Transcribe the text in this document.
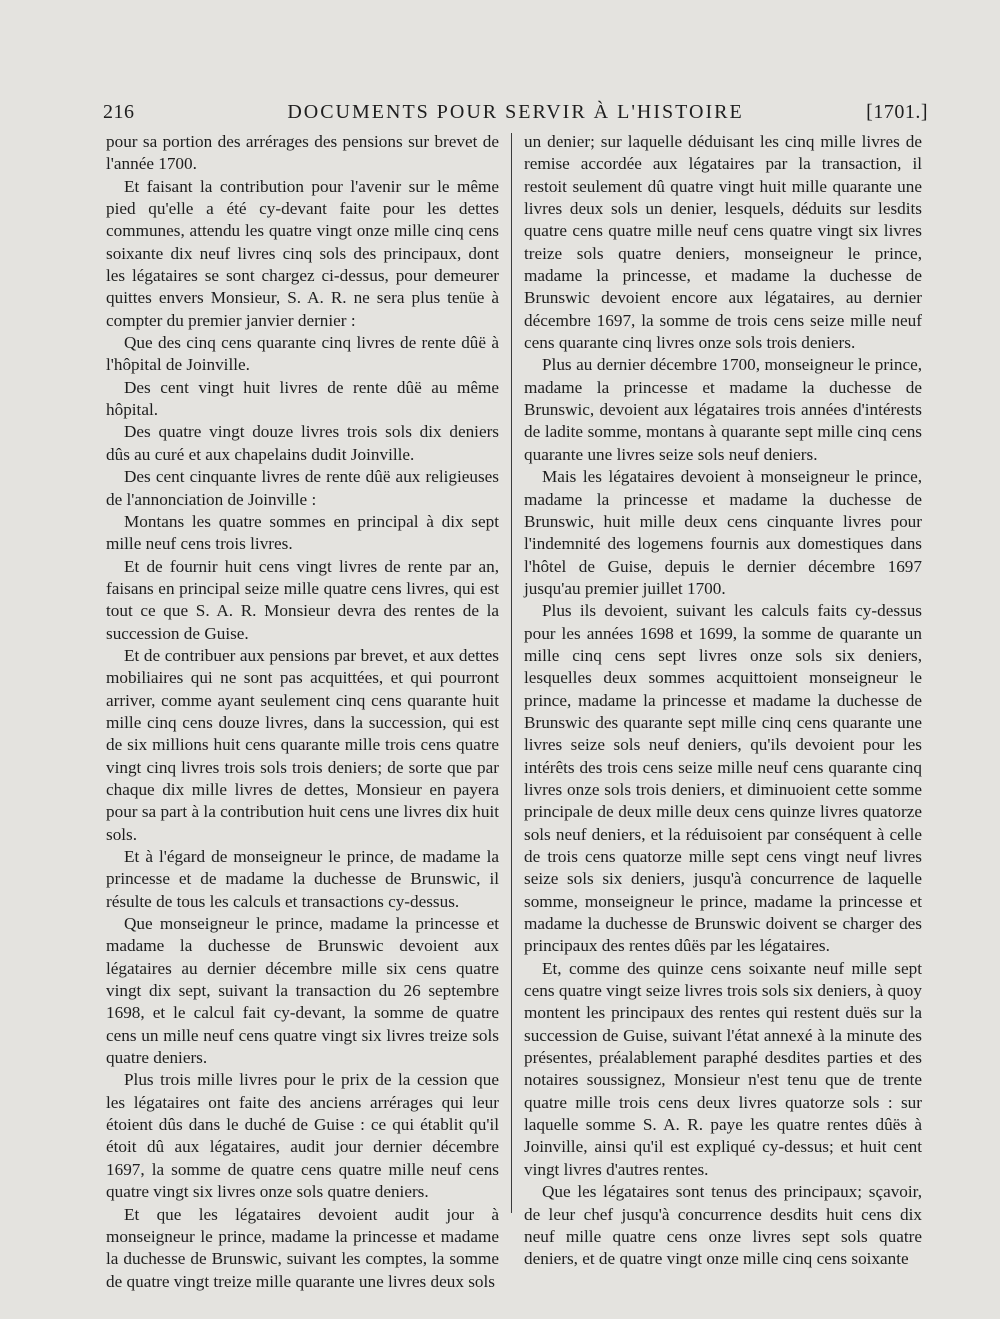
216	DOCUMENTS POUR SERVIR À L'HISTOIRE	[1701.]

pour sa portion des arrérages des pensions sur brevet de l'année 1700.

Et faisant la contribution pour l'avenir sur le même pied qu'elle a été cy-devant faite pour les dettes communes, attendu les quatre vingt onze mille cinq cens soixante dix neuf livres cinq sols des principaux, dont les légataires se sont chargez ci-dessus, pour demeurer quittes envers Monsieur, S. A. R. ne sera plus tenüe à compter du premier janvier dernier :

Que des cinq cens quarante cinq livres de rente dûë à l'hôpital de Joinville.

Des cent vingt huit livres de rente dûë au même hôpital.

Des quatre vingt douze livres trois sols dix deniers dûs au curé et aux chapelains dudit Joinville.

Des cent cinquante livres de rente dûë aux religieuses de l'annonciation de Joinville :

Montans les quatre sommes en principal à dix sept mille neuf cens trois livres.

Et de fournir huit cens vingt livres de rente par an, faisans en principal seize mille quatre cens livres, qui est tout ce que S. A. R. Monsieur devra des rentes de la succession de Guise.

Et de contribuer aux pensions par brevet, et aux dettes mobiliaires qui ne sont pas acquittées, et qui pourront arriver, comme ayant seulement cinq cens quarante huit mille cinq cens douze livres, dans la succession, qui est de six millions huit cens quarante mille trois cens quatre vingt cinq livres trois sols trois deniers; de sorte que par chaque dix mille livres de dettes, Monsieur en payera pour sa part à la contribution huit cens une livres dix huit sols.

Et à l'égard de monseigneur le prince, de madame la princesse et de madame la duchesse de Brunswic, il résulte de tous les calculs et transactions cy-dessus.

Que monseigneur le prince, madame la princesse et madame la duchesse de Brunswic devoient aux légataires au dernier décembre mille six cens quatre vingt dix sept, suivant la transaction du 26 septembre 1698, et le calcul fait cy-devant, la somme de quatre cens un mille neuf cens quatre vingt six livres treize sols quatre deniers.

Plus trois mille livres pour le prix de la cession que les légataires ont faite des anciens arrérages qui leur étoient dûs dans le duché de Guise : ce qui établit qu'il étoit dû aux légataires, audit jour dernier décembre 1697, la somme de quatre cens quatre mille neuf cens quatre vingt six livres onze sols quatre deniers.

Et que les légataires devoient audit jour à monseigneur le prince, madame la princesse et madame la duchesse de Brunswic, suivant les comptes, la somme de quatre vingt treize mille quarante une livres deux sols

un denier; sur laquelle déduisant les cinq mille livres de remise accordée aux légataires par la transaction, il restoit seulement dû quatre vingt huit mille quarante une livres deux sols un denier, lesquels, déduits sur lesdits quatre cens quatre mille neuf cens quatre vingt six livres treize sols quatre deniers, monseigneur le prince, madame la princesse, et madame la duchesse de Brunswic devoient encore aux légataires, au dernier décembre 1697, la somme de trois cens seize mille neuf cens quarante cinq livres onze sols trois deniers.

Plus au dernier décembre 1700, monseigneur le prince, madame la princesse et madame la duchesse de Brunswic, devoient aux légataires trois années d'intérests de ladite somme, montans à quarante sept mille cinq cens quarante une livres seize sols neuf deniers.

Mais les légataires devoient à monseigneur le prince, madame la princesse et madame la duchesse de Brunswic, huit mille deux cens cinquante livres pour l'indemnité des logemens fournis aux domestiques dans l'hôtel de Guise, depuis le dernier décembre 1697 jusqu'au premier juillet 1700.

Plus ils devoient, suivant les calculs faits cy-dessus pour les années 1698 et 1699, la somme de quarante un mille cinq cens sept livres onze sols six deniers, lesquelles deux sommes acquittoient monseigneur le prince, madame la princesse et madame la duchesse de Brunswic des quarante sept mille cinq cens quarante une livres seize sols neuf deniers, qu'ils devoient pour les intérêts des trois cens seize mille neuf cens quarante cinq livres onze sols trois deniers, et diminuoient cette somme principale de deux mille deux cens quinze livres quatorze sols neuf deniers, et la réduisoient par conséquent à celle de trois cens quatorze mille sept cens vingt neuf livres seize sols six deniers, jusqu'à concurrence de laquelle somme, monseigneur le prince, madame la princesse et madame la duchesse de Brunswic doivent se charger des principaux des rentes dûës par les légataires.

Et, comme des quinze cens soixante neuf mille sept cens quatre vingt seize livres trois sols six deniers, à quoy montent les principaux des rentes qui restent duës sur la succession de Guise, suivant l'état annexé à la minute des présentes, préalablement paraphé desdites parties et des notaires soussignez, Monsieur n'est tenu que de trente quatre mille trois cens deux livres quatorze sols : sur laquelle somme S. A. R. paye les quatre rentes dûës à Joinville, ainsi qu'il est expliqué cy-dessus; et huit cent vingt livres d'autres rentes.

Que les légataires sont tenus des principaux; sçavoir, de leur chef jusqu'à concurrence desdits huit cens dix neuf mille quatre cens onze livres sept sols quatre deniers, et de quatre vingt onze mille cinq cens soixante
